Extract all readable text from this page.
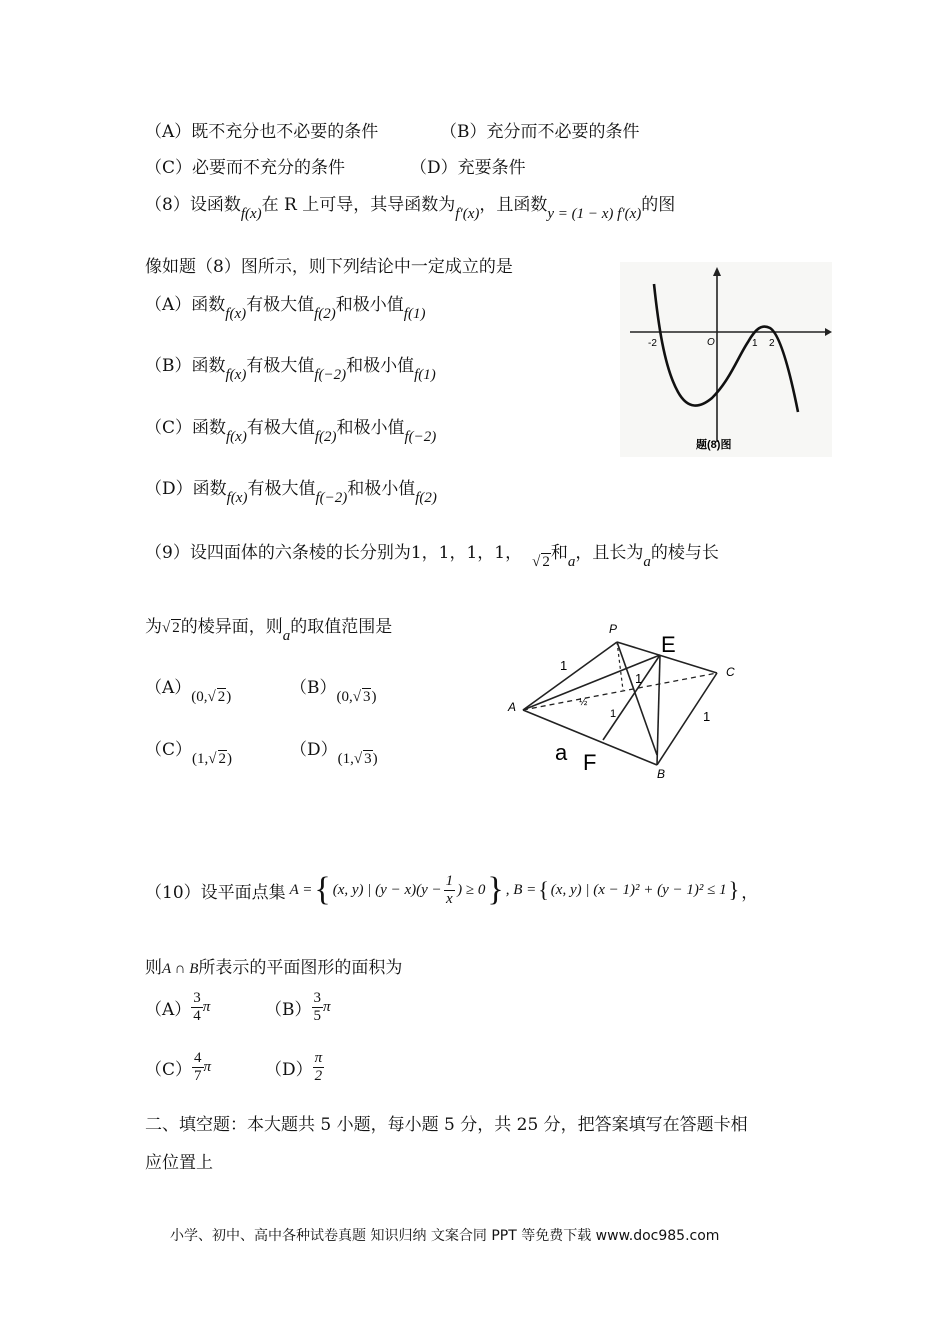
（A）既不充分也不必要的条件	（B）充分而不必要的条件
（C）必要而不充分的条件	（D）充要条件
（8）设函数f(x)在 R 上可导，其导函数为f′(x)，且函数y = (1 − x) f′(x)的图
像如题（8）图所示，则下列结论中一定成立的是
（A）函数f(x)有极大值f(2)和极小值f(1)
（B）函数f(x)有极大值f(−2)和极小值f(1)
（C）函数f(x)有极大值f(2)和极小值f(−2)
（D）函数f(x)有极大值f(−2)和极小值f(2)
-2	O	1 2
题(8)图
（9）设四面体的六条棱的长分别为1，1，1，1， √ 2和a，且长为a的棱与长
为√ 2的棱异面，则a的取值范围是
（A）(0,√ 2)	（B）(0,√ 3)
（C）(1,√ 2)	（D）(1,√ 3)
P
E
C
A
B
F
a
1
1
1
1
½
（10）设平面点集 A = { (x, y) | $(y - x)(y - \frac{1}{x}$ ) ≥ 0 } , B = { (x, y) | (x − 1)² + (y − 1)² ≤ 1 } ，
则A ∩ B所表示的平面图形的面积为
$(A) \frac{3}{4}$ π	$(B) \frac{3}{5}$ π
$(C) \frac{4}{7}$ π	$(D) \frac{\pi}{2}$
二、填空题：本大题共 5 小题，每小题 5 分，共 25 分，把答案填写在答题卡相
应位置上
小学、初中、高中各种试卷真题 知识归纳 文案合同 PPT 等免费下载 www.doc985.com
